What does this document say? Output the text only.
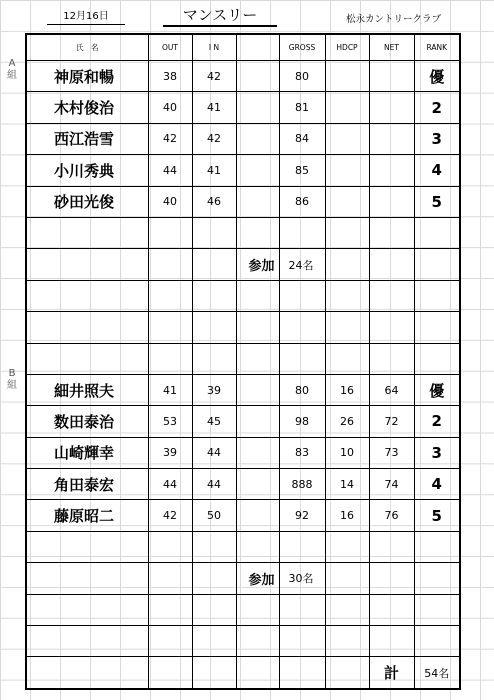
12月16日	マンスリー	松永カントリークラブ
A
組
B
組
氏　名	OUT	I N		GROSS	HDCP	NET	RANK
神原和暢	38	42		80			優
木村俊治	40	41		81			2
西江浩雪	42	42		84			3
小川秀典	44	41		85			4
砂田光俊	40	46		86			5

			参加	24名			

細井照夫	41	39		80	16	64	優
数田泰治	53	45		98	26	72	2
山崎輝幸	39	44		83	10	73	3
角田泰宏	44	44		888	14	74	4
藤原昭二	42	50		92	16	76	5

			参加	30名			

						計	54名
